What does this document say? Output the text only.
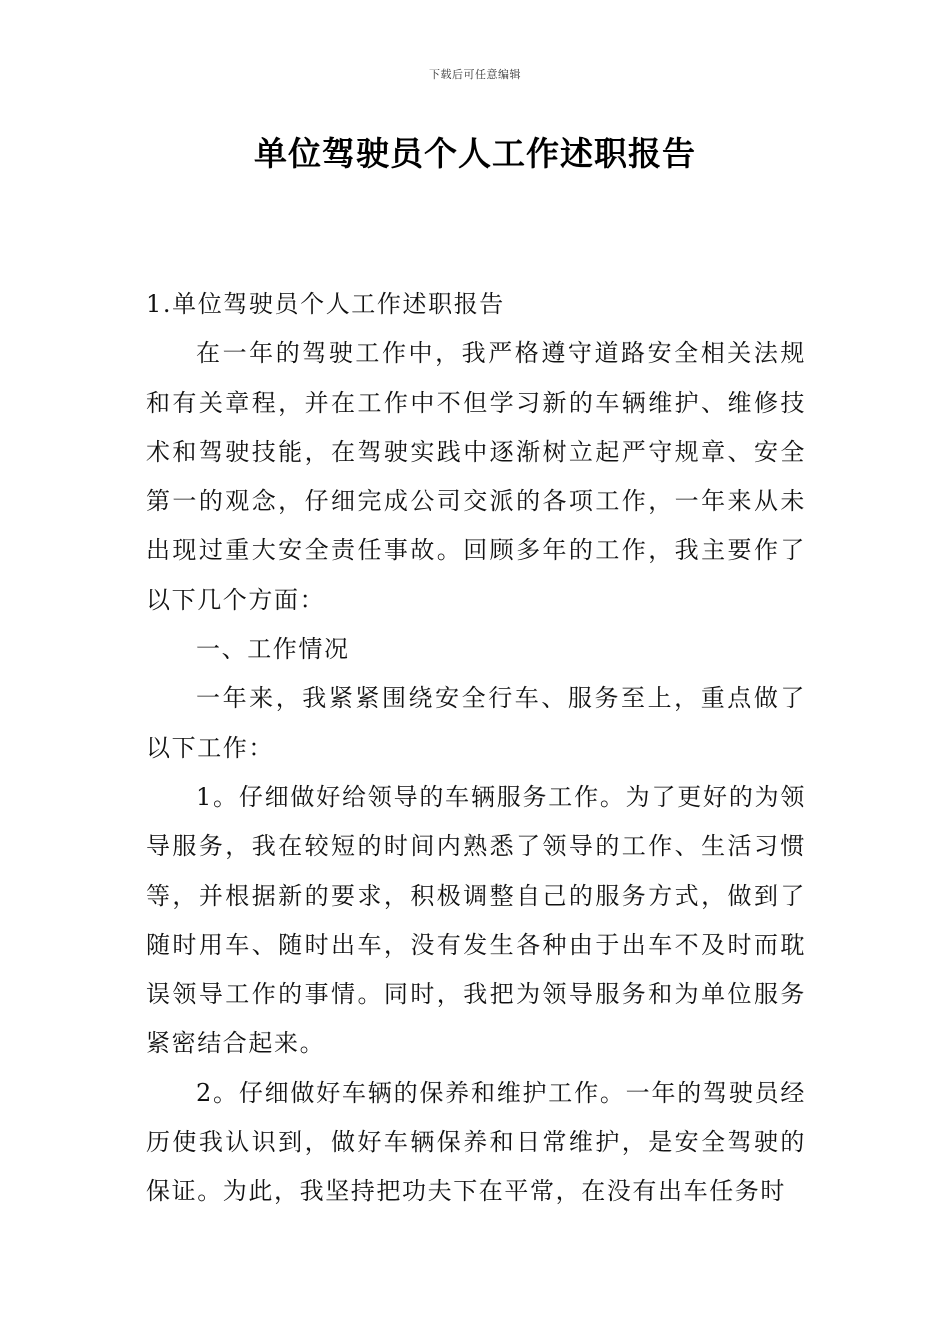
下载后可任意编辑
单位驾驶员个人工作述职报告

1.单位驾驶员个人工作述职报告

在一年的驾驶工作中，我严格遵守道路安全相关法规和有关章程，并在工作中不但学习新的车辆维护、维修技术和驾驶技能，在驾驶实践中逐渐树立起严守规章、安全第一的观念，仔细完成公司交派的各项工作，一年来从未出现过重大安全责任事故。回顾多年的工作，我主要作了以下几个方面：

一、工作情况

一年来，我紧紧围绕安全行车、服务至上，重点做了以下工作：

1。仔细做好给领导的车辆服务工作。为了更好的为领导服务，我在较短的时间内熟悉了领导的工作、生活习惯等，并根据新的要求，积极调整自己的服务方式，做到了随时用车、随时出车，没有发生各种由于出车不及时而耽误领导工作的事情。同时，我把为领导服务和为单位服务紧密结合起来。

2。仔细做好车辆的保养和维护工作。一年的驾驶员经历使我认识到，做好车辆保养和日常维护，是安全驾驶的保证。为此，我坚持把功夫下在平常，在没有出车任务时
